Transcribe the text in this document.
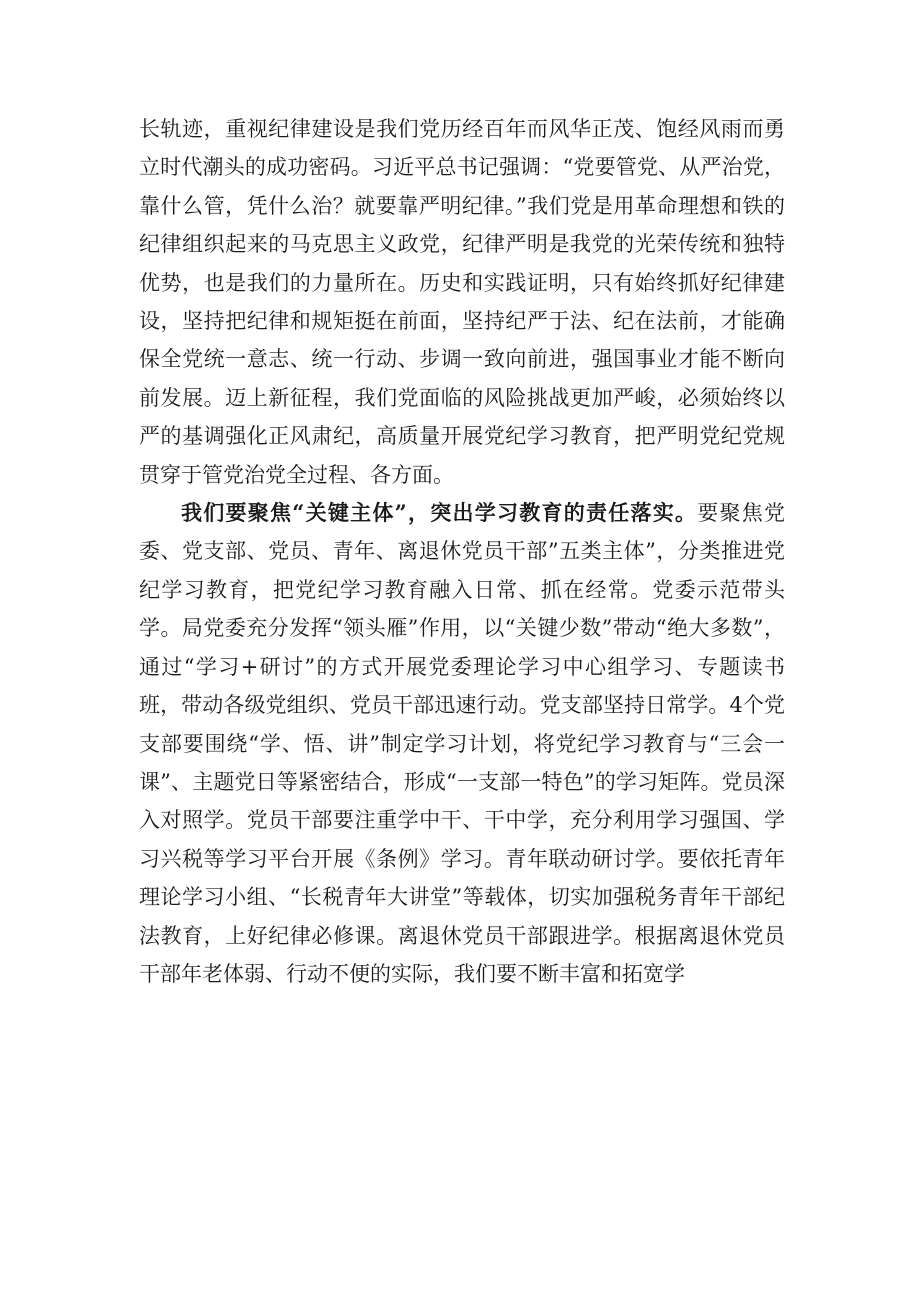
长轨迹，重视纪律建设是我们党历经百年而风华正茂、饱经风雨而勇立时代潮头的成功密码。习近平总书记强调：“党要管党、从严治党，靠什么管，凭什么治？就要靠严明纪律。”我们党是用革命理想和铁的纪律组织起来的马克思主义政党，纪律严明是我党的光荣传统和独特优势，也是我们的力量所在。历史和实践证明，只有始终抓好纪律建设，坚持把纪律和规矩挺在前面，坚持纪严于法、纪在法前，才能确保全党统一意志、统一行动、步调一致向前进，强国事业才能不断向前发展。迈上新征程，我们党面临的风险挑战更加严峻，必须始终以严的基调强化正风肃纪，高质量开展党纪学习教育，把严明党纪党规贯穿于管党治党全过程、各方面。

我们要聚焦“关键主体”，突出学习教育的责任落实。要聚焦党委、党支部、党员、青年、离退休党员干部”五类主体”，分类推进党纪学习教育，把党纪学习教育融入日常、抓在经常。党委示范带头学。局党委充分发挥“领头雁”作用，以“关键少数”带动“绝大多数”，通过“学习+研讨”的方式开展党委理论学习中心组学习、专题读书班，带动各级党组织、党员干部迅速行动。党支部坚持日常学。4个党支部要围绕“学、悟、讲”制定学习计划，将党纪学习教育与“三会一课”、主题党日等紧密结合，形成“一支部一特色”的学习矩阵。党员深入对照学。党员干部要注重学中干、干中学，充分利用学习强国、学习兴税等学习平台开展《条例》学习。青年联动研讨学。要依托青年理论学习小组、“长税青年大讲堂”等载体，切实加强税务青年干部纪法教育，上好纪律必修课。离退休党员干部跟进学。根据离退休党员干部年老体弱、行动不便的实际，我们要不断丰富和拓宽学
